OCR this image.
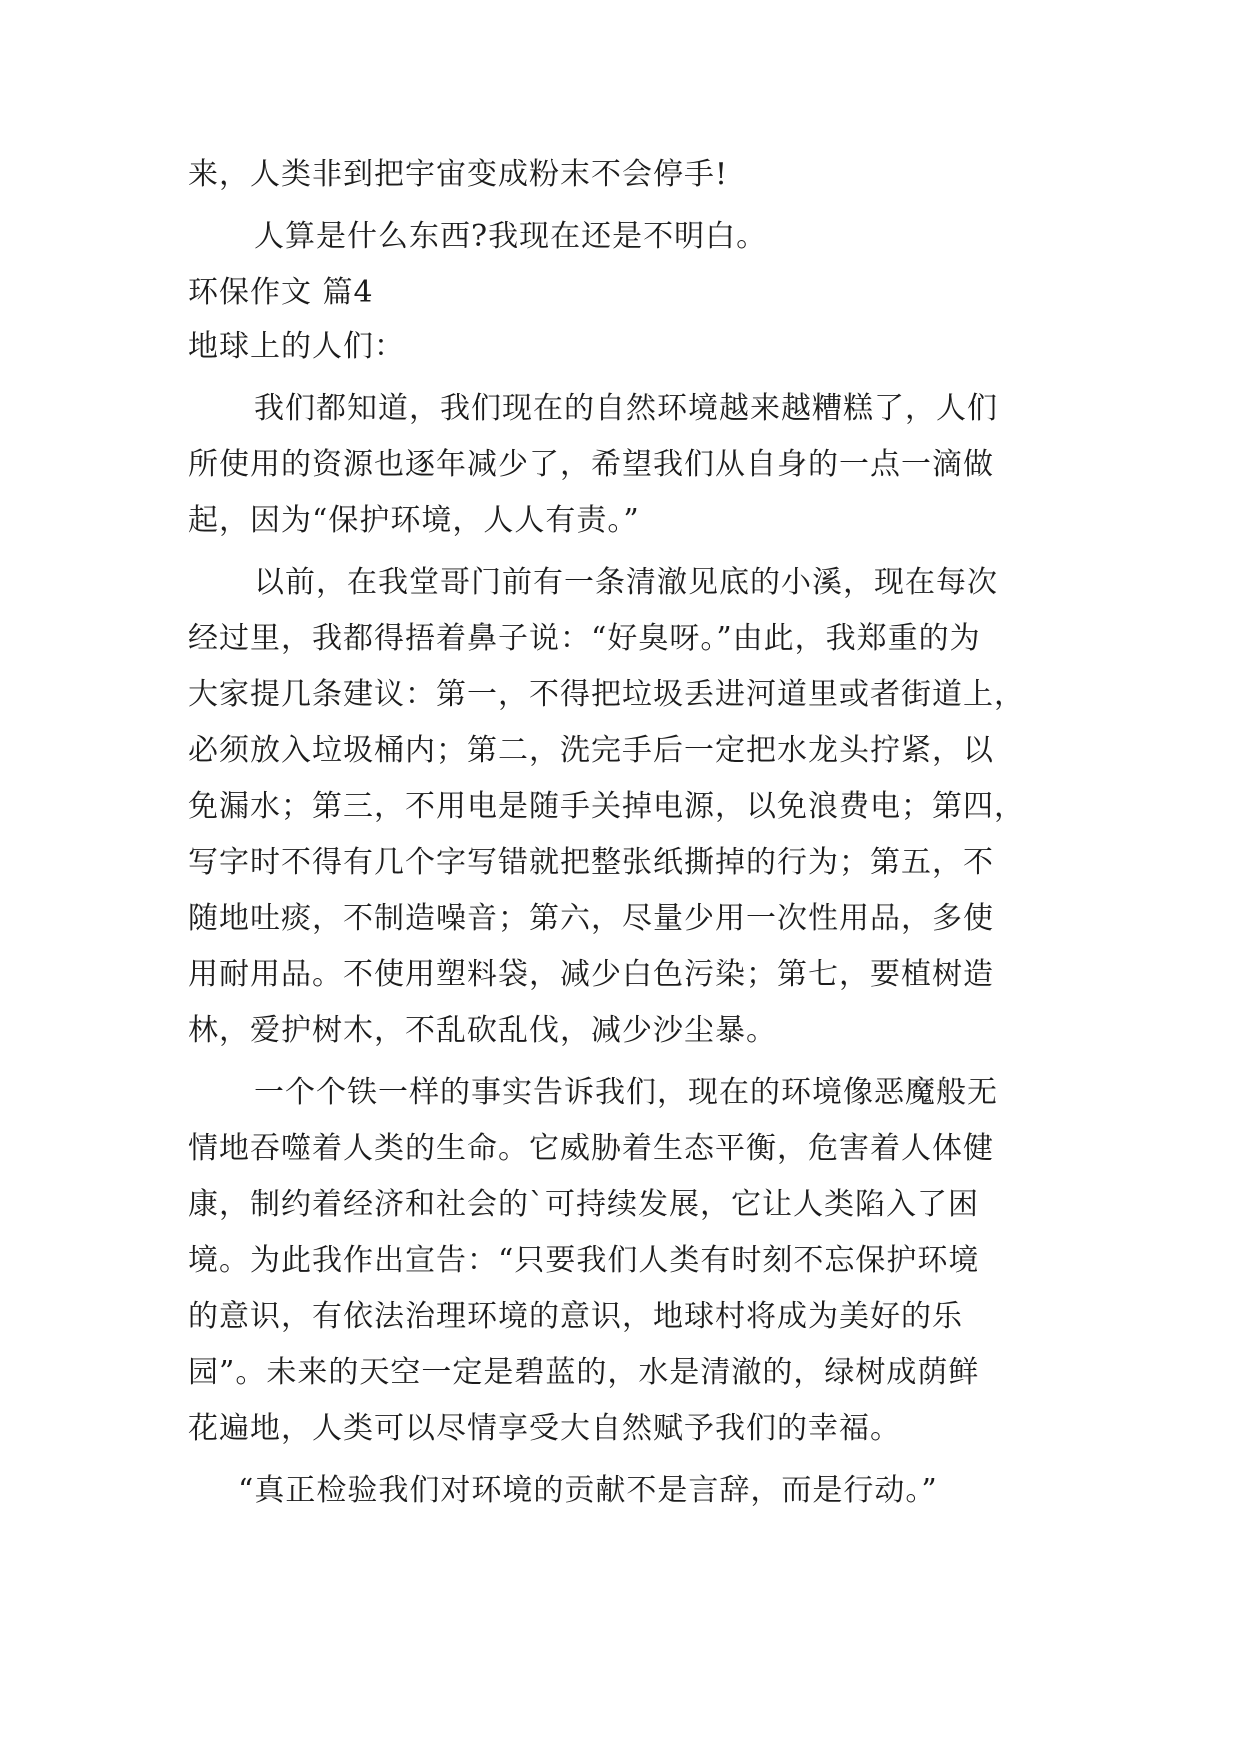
来，人类非到把宇宙变成粉末不会停手!
人算是什么东西?我现在还是不明白。
环保作文 篇4
地球上的人们：
我们都知道，我们现在的自然环境越来越糟糕了，人们
所使用的资源也逐年减少了，希望我们从自身的一点一滴做
起，因为“保护环境，人人有责。”
以前，在我堂哥门前有一条清澈见底的小溪，现在每次
经过里，我都得捂着鼻子说：“好臭呀。”由此，我郑重的为
大家提几条建议：第一，不得把垃圾丢进河道里或者街道上，
必须放入垃圾桶内；第二，洗完手后一定把水龙头拧紧，以
免漏水；第三，不用电是随手关掉电源，以免浪费电；第四，
写字时不得有几个字写错就把整张纸撕掉的行为；第五，不
随地吐痰，不制造噪音；第六，尽量少用一次性用品，多使
用耐用品。不使用塑料袋，减少白色污染；第七，要植树造
林，爱护树木，不乱砍乱伐，减少沙尘暴。
一个个铁一样的事实告诉我们，现在的环境像恶魔般无
情地吞噬着人类的生命。它威胁着生态平衡，危害着人体健
康，制约着经济和社会的`可持续发展，它让人类陷入了困
境。为此我作出宣告：“只要我们人类有时刻不忘保护环境
的意识，有依法治理环境的意识，地球村将成为美好的乐
园”。未来的天空一定是碧蓝的，水是清澈的，绿树成荫鲜
花遍地，人类可以尽情享受大自然赋予我们的幸福。
“真正检验我们对环境的贡献不是言辞，而是行动。”
